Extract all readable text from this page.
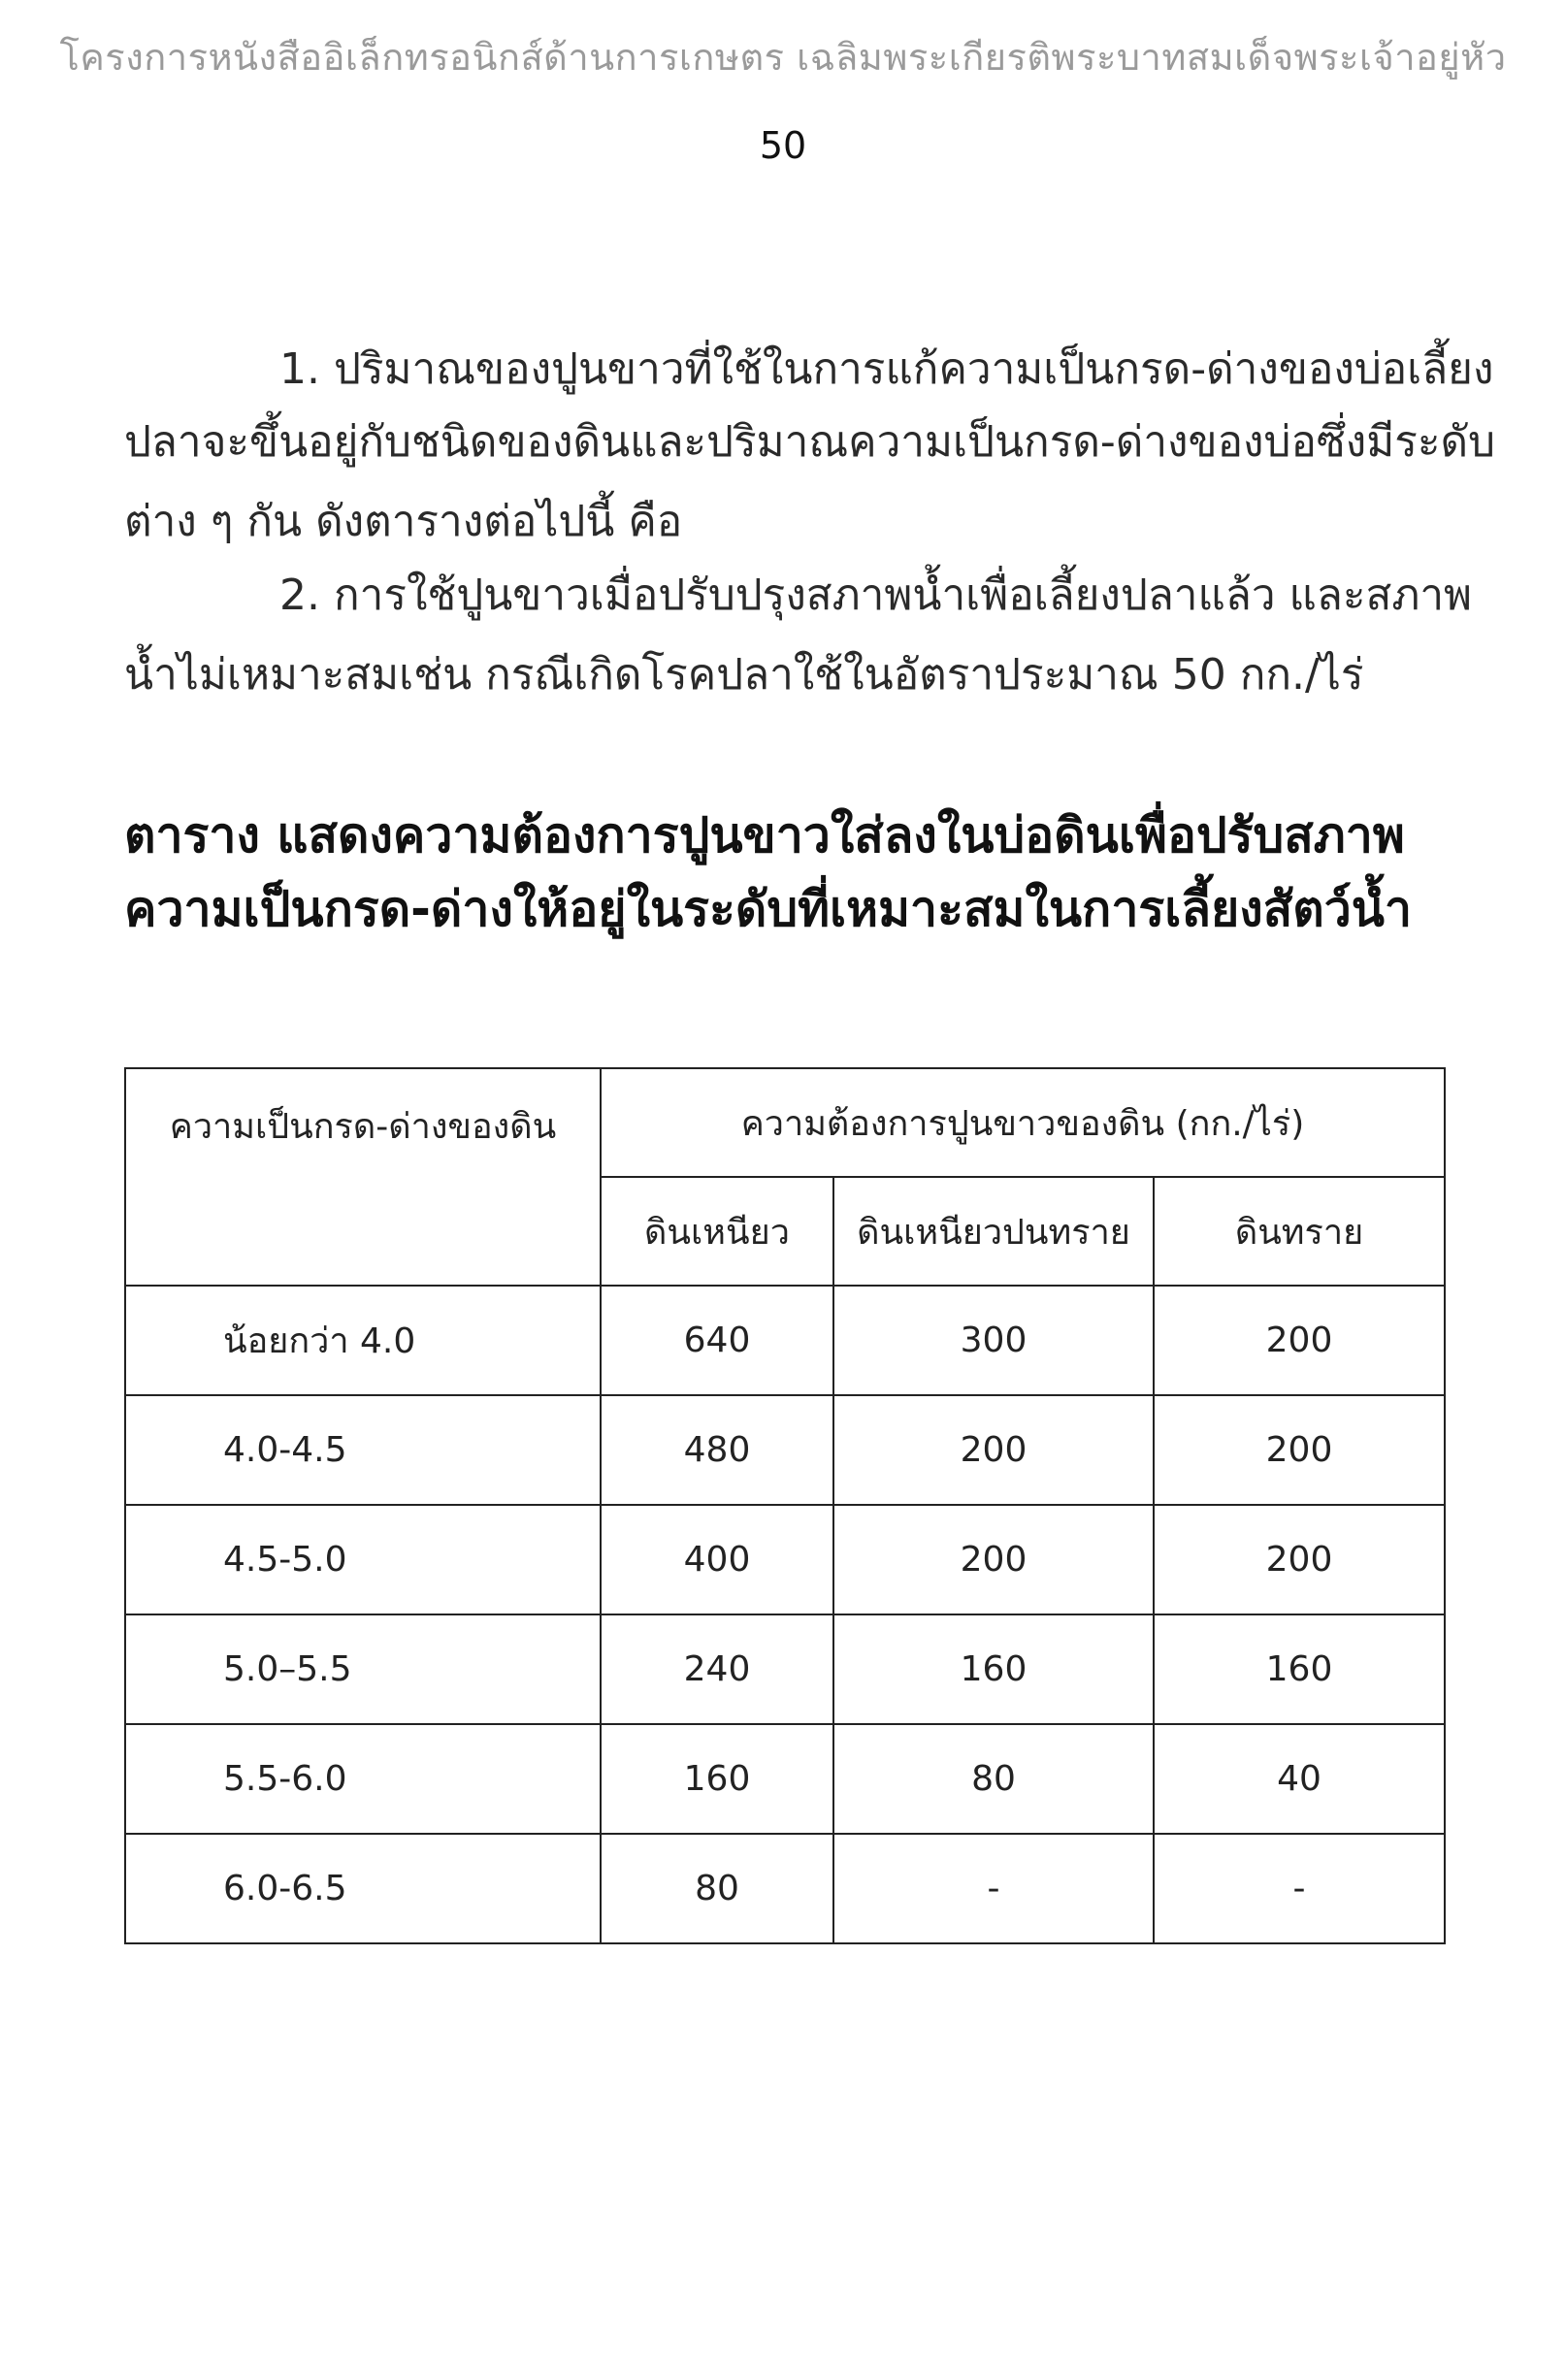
โครงการหนังสืออิเล็กทรอนิกส์ด้านการเกษตร เฉลิมพระเกียรติพระบาทสมเด็จพระเจ้าอยู่หัว
50
1. ปริมาณของปูนขาวที่ใช้ในการแก้ความเป็นกรด-ด่างของบ่อเลี้ยง
ปลาจะขึ้นอยู่กับชนิดของดินและปริมาณความเป็นกรด-ด่างของบ่อซึ่งมีระดับ
ต่าง ๆ กัน ดังตารางต่อไปนี้ คือ
2. การใช้ปูนขาวเมื่อปรับปรุงสภาพน้ำเพื่อเลี้ยงปลาแล้ว และสภาพ
น้ำไม่เหมาะสมเช่น กรณีเกิดโรคปลาใช้ในอัตราประมาณ 50 กก./ไร่
ตาราง แสดงความต้องการปูนขาวใส่ลงในบ่อดินเพื่อปรับสภาพ
ความเป็นกรด-ด่างให้อยู่ในระดับที่เหมาะสมในการเลี้ยงสัตว์น้ำ
ความเป็นกรด-ด่างของดิน	ความต้องการปูนขาวของดิน (กก./ไร่)		
	ดินเหนียว	ดินเหนียวปนทราย	ดินทราย
น้อยกว่า 4.0	640	300	200
4.0-4.5	480	200	200
4.5-5.0	400	200	200
5.0–5.5	240	160	160
5.5-6.0	160	80	40
6.0-6.5	80	-	-
